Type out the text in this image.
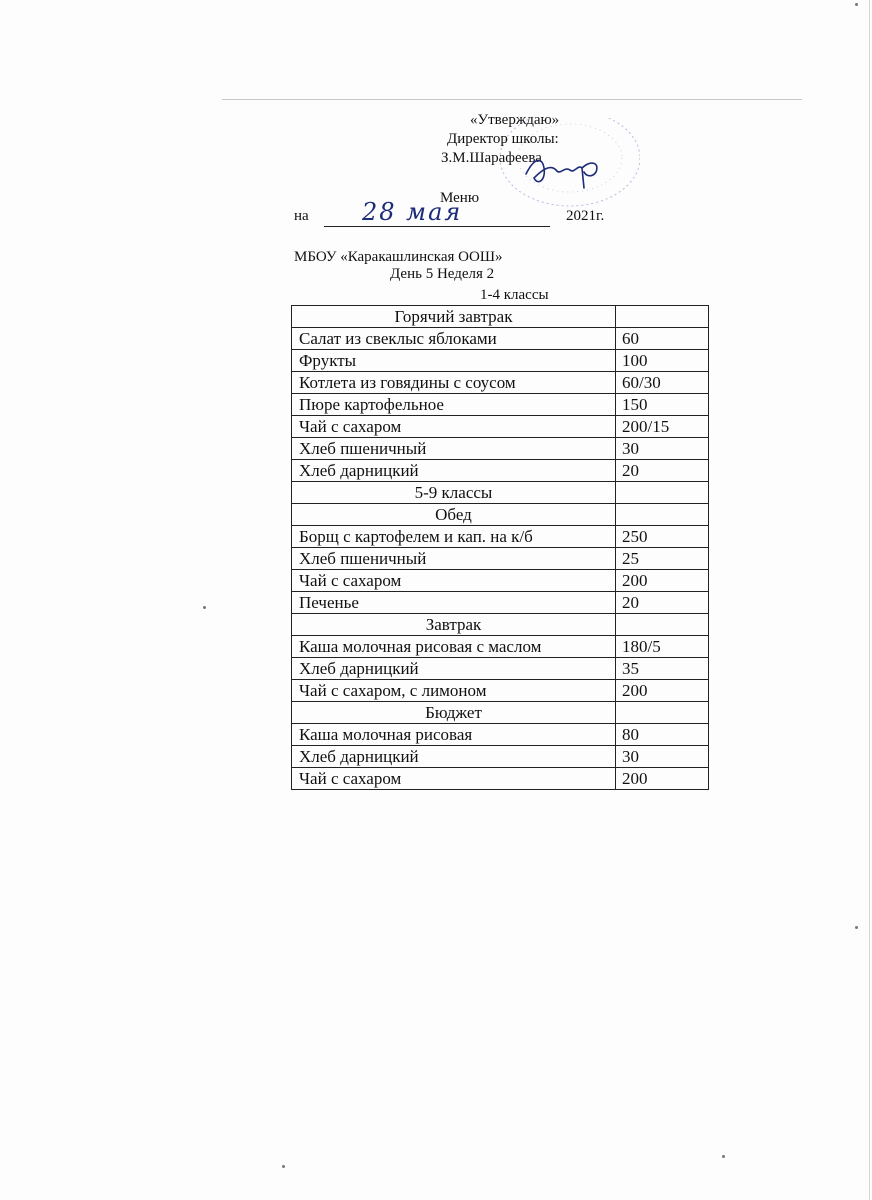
«Утверждаю»
Директор школы:
З.М.Шарафеева
Меню
на 28 мая	2021г.
МБОУ «Каракашлинская ООШ»
День 5 Неделя 2
1-4 классы
Горячий завтрак	
Салат из свеклыс яблоками	60
Фрукты	100
Котлета из говядины с соусом	60/30
Пюре картофельное	150
Чай с сахаром	200/15
Хлеб пшеничный	30
Хлеб дарницкий	20
5-9 классы	
Обед	
Борщ с картофелем и кап. на к/б	250
Хлеб пшеничный	25
Чай с сахаром	200
Печенье	20
Завтрак	
Каша молочная рисовая с маслом	180/5
Хлеб дарницкий	35
Чай с сахаром, с лимоном	200
Бюджет	
Каша молочная рисовая	80
Хлеб дарницкий	30
Чай с сахаром	200
